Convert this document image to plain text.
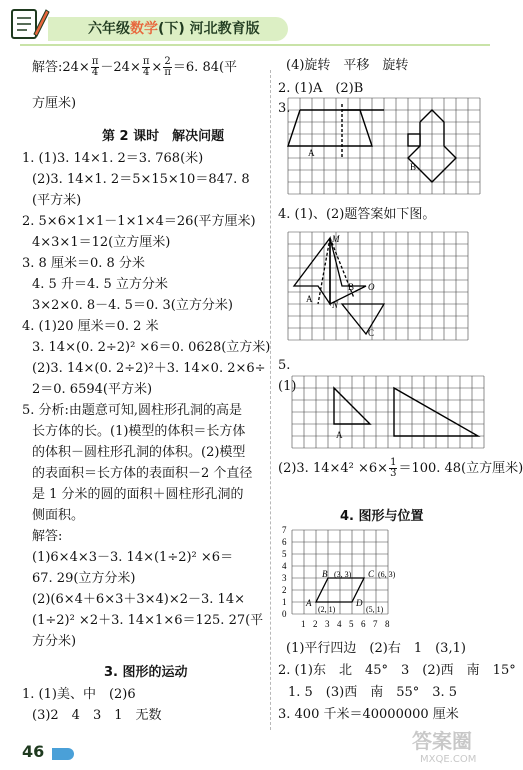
六年级数学(下) 河北教育版
解答:24× $\frac{\pi}{4} -24\times \frac{\pi}{4} \times \frac{2}{\pi} =6$. 84(平
方厘米)
第 2 课时　解决问题
1. (1)3. 14×1. 2＝3. 768(米)
(2)3. 14×1. 2＝5×15×10＝847. 8
(平方米)
2. 5×6×1×1－1×1×4＝26(平方厘米)
4×3×1＝12(立方厘米)
3. 8 厘米＝0. 8 分米
4. 5 升＝4. 5 立方分米
3×2×0. 8－4. 5＝0. 3(立方分米)
4. (1)20 厘米＝0. 2 米
3. 14×(0. 2÷2)² ×6＝0. 0628(立方米)
(2)3. 14×(0. 2÷2)²＋3. 14×0. 2×6÷
2＝0. 6594(平方米)
5. 分析:由题意可知,圆柱形孔洞的高是
长方体的长。(1)模型的体积＝长方体
的体积－圆柱形孔洞的体积。(2)模型
的表面积＝长方体的表面积－2 个直径
是 1 分米的圆的面积＋圆柱形孔洞的
侧面积。
解答:
(1)6×4×3－3. 14×(1÷2)² ×6＝
67. 29(立方分米)
(2)(6×4＋6×3＋3×4)×2－3. 14×
(1÷2)² ×2＋3. 14×1×6＝125. 27(平
方分米)
3. 图形的运动
1. (1)美、中　(2)6
(3)2　4　3　1　无数
(4)旋转　平移　旋转
2. (1)A　(2)B
3.
A
B
4. (1)、(2)题答案如下图。
M
N
O
A
B
C
5.
(1)
A
(2)3. $14\times 4^2 \times 6\times \frac{1}{3} =100$. 48(立方厘米)
4. 图形与位置
0
1
2
3
4
5
6
7
1 2 3 4 5 6 7 8
A
B (3, 3) C (6, 3)
(2, 1)
D
(5, 1)
(1)平行四边　(2)右　1　(3,1)
2. (1)东　北　45°　3　(2)西　南　15°
1. 5　(3)西　南　55°　3. 5
3. 400 千米＝40000000 厘米
46	答案圈
MXQE.COM
